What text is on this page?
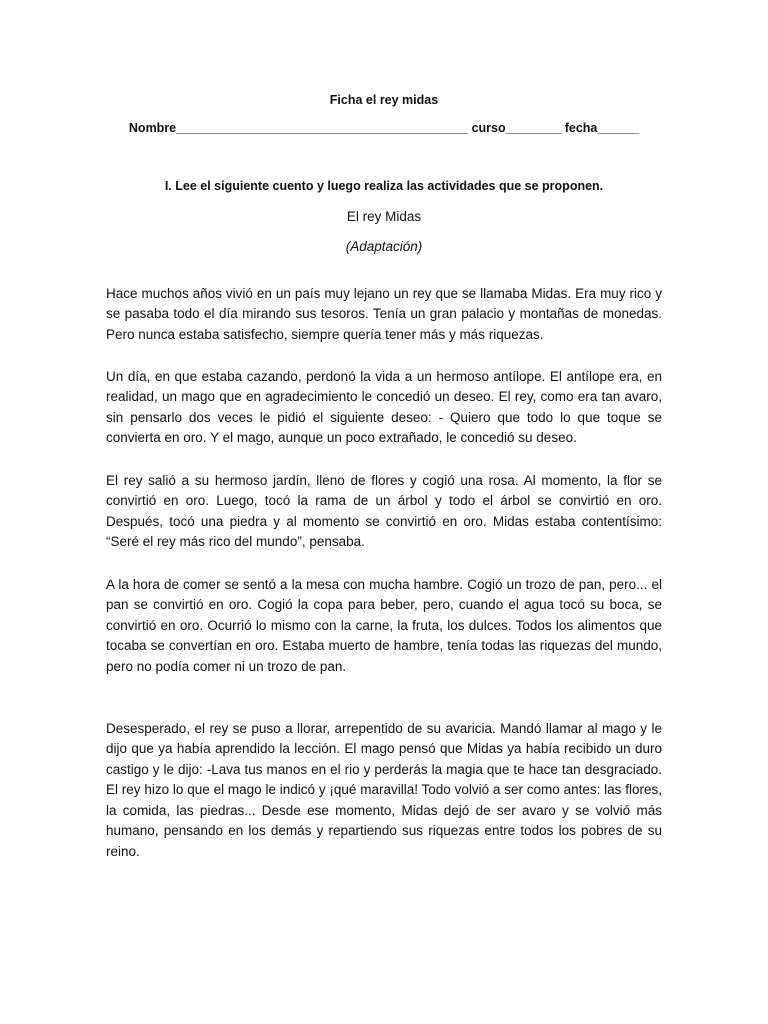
Ficha el rey midas
Nombre__________________________________________ curso________ fecha______
I. Lee el siguiente cuento y luego realiza las actividades que se proponen.
El rey Midas
(Adaptación)

Hace muchos años vivió en un país muy lejano un rey que se llamaba Midas. Era muy rico y se pasaba todo el día mirando sus tesoros. Tenía un gran palacio y montañas de monedas. Pero nunca estaba satisfecho, siempre quería tener más y más riquezas.

Un día, en que estaba cazando, perdonó la vida a un hermoso antílope. El antílope era, en realidad, un mago que en agradecimiento le concedió un deseo. El rey, como era tan avaro, sin pensarlo dos veces le pidió el siguiente deseo: - Quiero que todo lo que toque se convierta en oro. Y el mago, aunque un poco extrañado, le concedió su deseo.

El rey salió a su hermoso jardín, lleno de flores y cogió una rosa. Al momento, la flor se convirtió en oro. Luego, tocó la rama de un árbol y todo el árbol se convirtió en oro. Después, tocó una piedra y al momento se convirtió en oro. Midas estaba contentísimo: “Seré el rey más rico del mundo”, pensaba.

A la hora de comer se sentó a la mesa con mucha hambre. Cogió un trozo de pan, pero... el pan se convirtió en oro. Cogió la copa para beber, pero, cuando el agua tocó su boca, se convirtió en oro. Ocurrió lo mismo con la carne, la fruta, los dulces. Todos los alimentos que tocaba se convertían en oro. Estaba muerto de hambre, tenía todas las riquezas del mundo, pero no podía comer ni un trozo de pan.

Desesperado, el rey se puso a llorar, arrepentido de su avaricia. Mandó llamar al mago y le dijo que ya había aprendido la lección. El mago pensó que Midas ya había recibido un duro castigo y le dijo: -Lava tus manos en el rio y perderás la magia que te hace tan desgraciado. El rey hizo lo que el mago le indicó y ¡qué maravilla! Todo volvió a ser como antes: las flores, la comida, las piedras... Desde ese momento, Midas dejó de ser avaro y se volvió más humano, pensando en los demás y repartiendo sus riquezas entre todos los pobres de su reino.
